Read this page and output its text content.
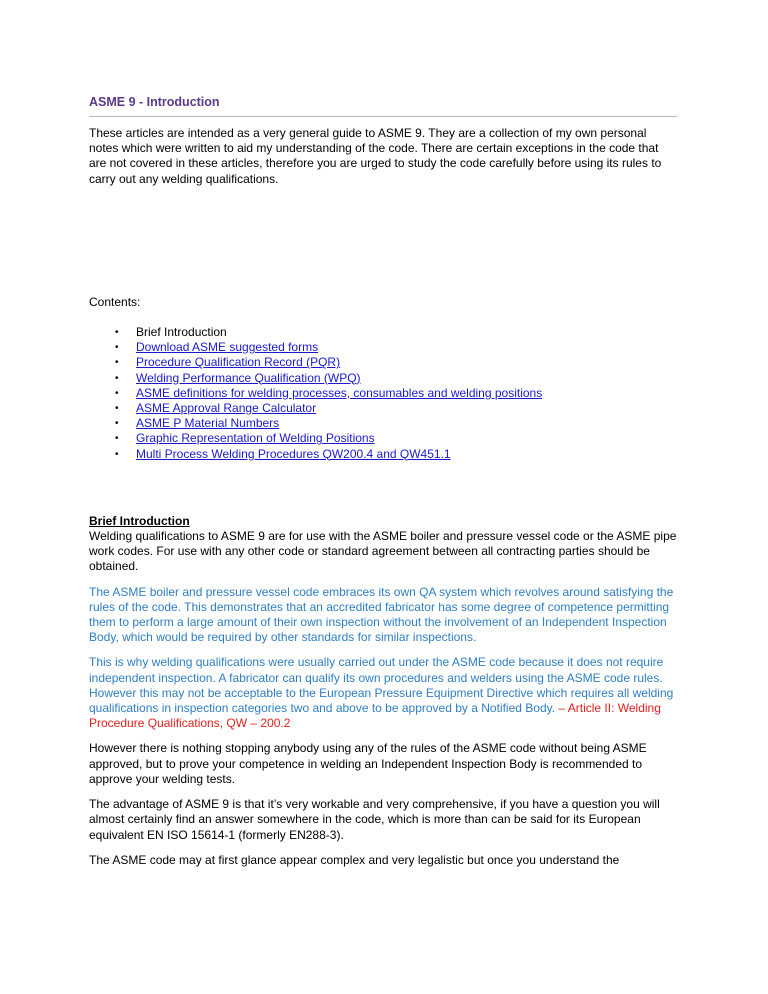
ASME 9 - Introduction

These articles are intended as a very general guide to ASME 9. They are a collection of my own personal notes which were written to aid my understanding of the code. There are certain exceptions in the code that are not covered in these articles, therefore you are urged to study the code carefully before using its rules to carry out any welding qualifications.

Contents:

• Brief Introduction
• Download ASME suggested forms
• Procedure Qualification Record (PQR)
• Welding Performance Qualification (WPQ)
• ASME definitions for welding processes, consumables and welding positions
• ASME Approval Range Calculator
• ASME P Material Numbers
• Graphic Representation of Welding Positions
• Multi Process Welding Procedures QW200.4 and QW451.1

Brief Introduction

Welding qualifications to ASME 9 are for use with the ASME boiler and pressure vessel code or the ASME pipe work codes. For use with any other code or standard agreement between all contracting parties should be obtained.

The ASME boiler and pressure vessel code embraces its own QA system which revolves around satisfying the rules of the code. This demonstrates that an accredited fabricator has some degree of competence permitting them to perform a large amount of their own inspection without the involvement of an Independent Inspection Body, which would be required by other standards for similar inspections.

This is why welding qualifications were usually carried out under the ASME code because it does not require independent inspection. A fabricator can qualify its own procedures and welders using the ASME code rules. However this may not be acceptable to the European Pressure Equipment Directive which requires all welding qualifications in inspection categories two and above to be approved by a Notified Body. – Article II: Welding Procedure Qualifications, QW – 200.2

However there is nothing stopping anybody using any of the rules of the ASME code without being ASME approved, but to prove your competence in welding an Independent Inspection Body is recommended to approve your welding tests.

The advantage of ASME 9 is that it’s very workable and very comprehensive, if you have a question you will almost certainly find an answer somewhere in the code, which is more than can be said for its European equivalent EN ISO 15614-1 (formerly EN288-3).

The ASME code may at first glance appear complex and very legalistic but once you understand the
